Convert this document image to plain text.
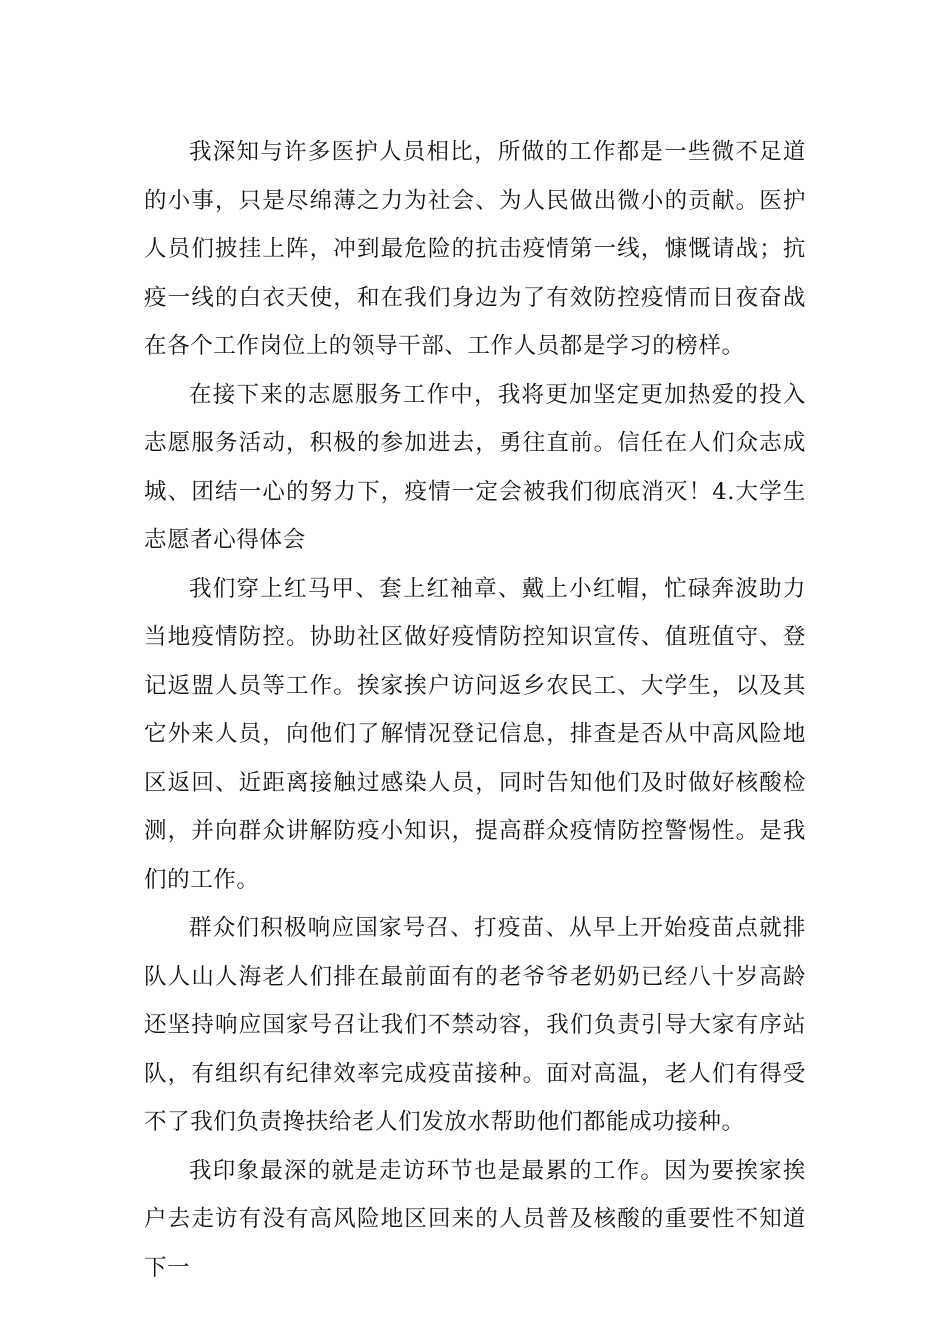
我深知与许多医护人员相比，所做的工作都是一些微不足道的小事，只是尽绵薄之力为社会、为人民做出微小的贡献。医护人员们披挂上阵，冲到最危险的抗击疫情第一线，慷慨请战；抗疫一线的白衣天使，和在我们身边为了有效防控疫情而日夜奋战在各个工作岗位上的领导干部、工作人员都是学习的榜样。

在接下来的志愿服务工作中，我将更加坚定更加热爱的投入志愿服务活动，积极的参加进去，勇往直前。信任在人们众志成城、团结一心的努力下，疫情一定会被我们彻底消灭！4.大学生志愿者心得体会

我们穿上红马甲、套上红袖章、戴上小红帽，忙碌奔波助力当地疫情防控。协助社区做好疫情防控知识宣传、值班值守、登记返盟人员等工作。挨家挨户访问返乡农民工、大学生，以及其它外来人员，向他们了解情况登记信息，排查是否从中高风险地区返回、近距离接触过感染人员，同时告知他们及时做好核酸检测，并向群众讲解防疫小知识，提高群众疫情防控警惕性。是我们的工作。

群众们积极响应国家号召、打疫苗、从早上开始疫苗点就排队人山人海老人们排在最前面有的老爷爷老奶奶已经八十岁高龄还坚持响应国家号召让我们不禁动容，我们负责引导大家有序站队，有组织有纪律效率完成疫苗接种。面对高温，老人们有得受不了我们负责搀扶给老人们发放水帮助他们都能成功接种。

我印象最深的就是走访环节也是最累的工作。因为要挨家挨户去走访有没有高风险地区回来的人员普及核酸的重要性不知道下一
